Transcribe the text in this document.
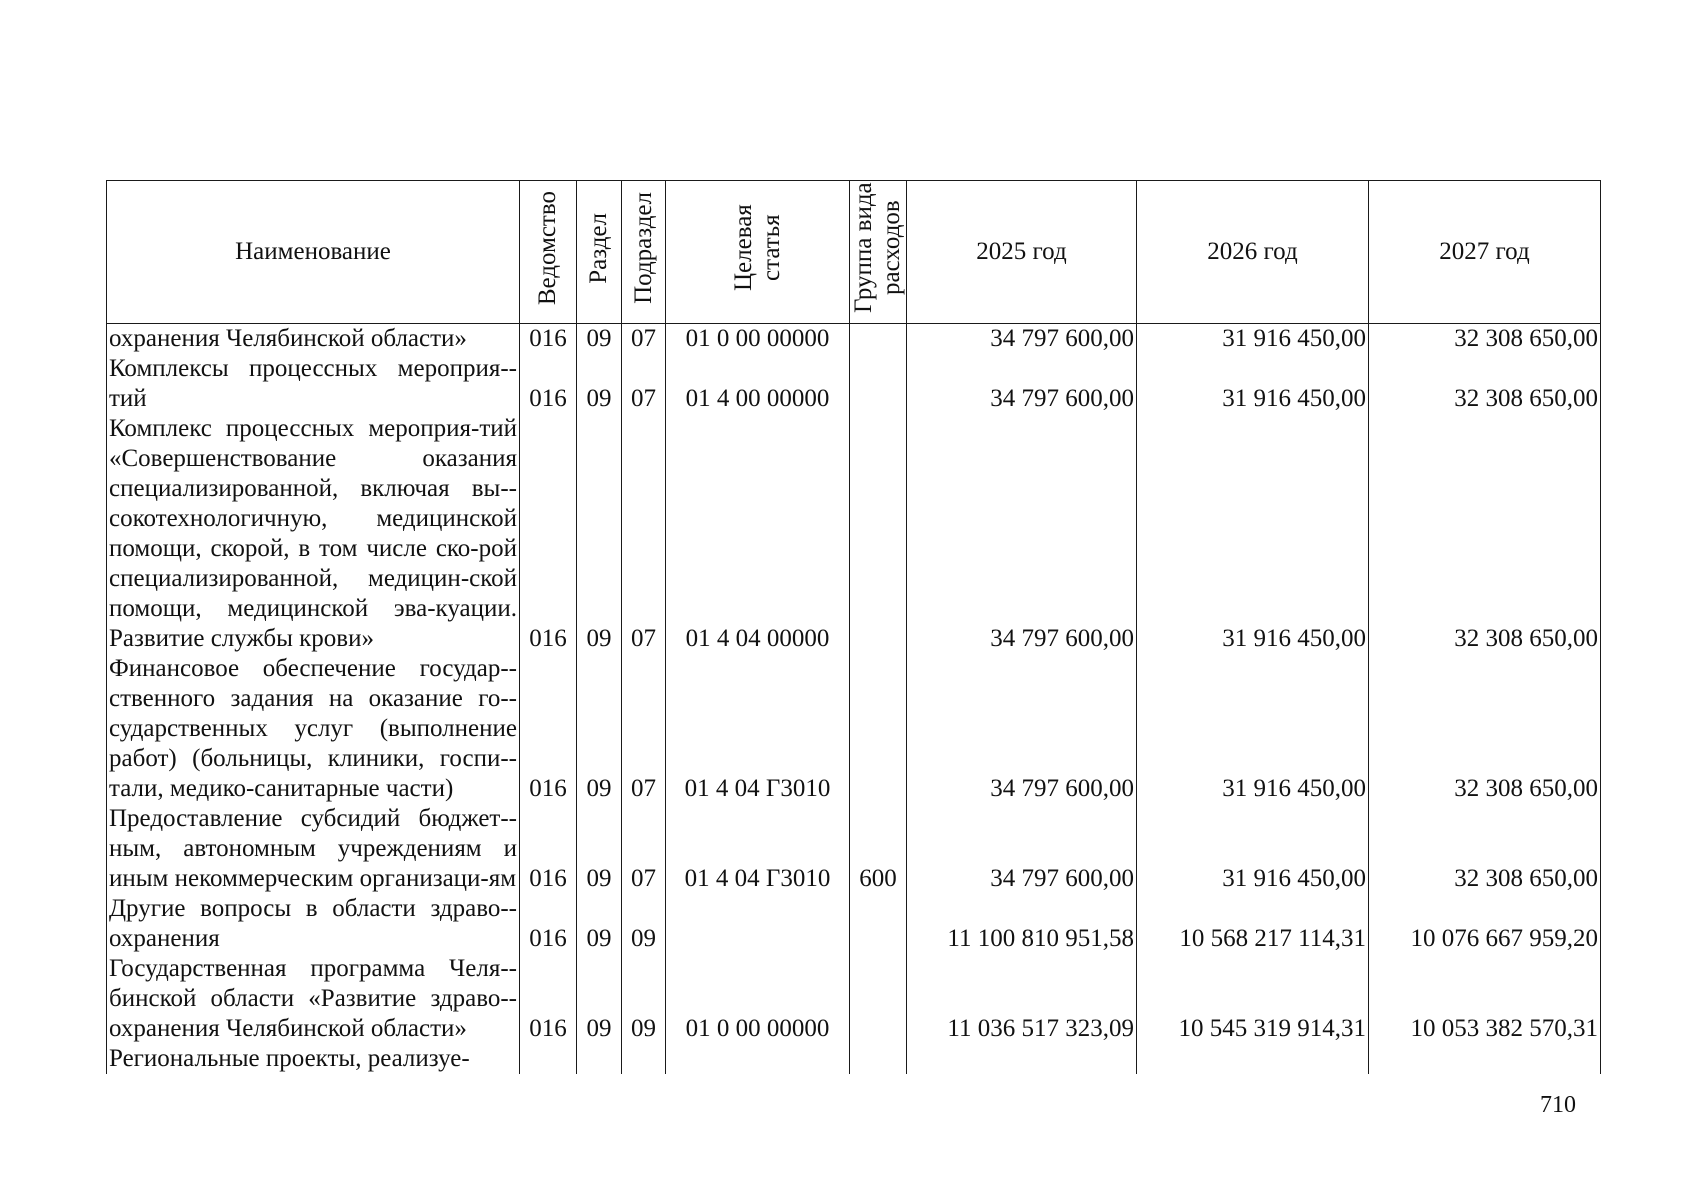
Наименование	Ведомство	Раздел	Подраздел	Целевая статья	Группа вида расходов	2025 год	2026 год	2027 год
охранения Челябинской области»	016	09	07	01 0 00 00000		34 797 600,00	31 916 450,00	32 308 650,00
Комплексы процессных мероприя-тий	016	09	07	01 4 00 00000		34 797 600,00	31 916 450,00	32 308 650,00
Комплекс процессных мероприя-тий «Совершенствование оказания специализированной, включая вы-сокотехнологичную, медицинской помощи, скорой, в том числе ско-рой специализированной, медицин-ской помощи, медицинской эва-куации. Развитие службы крови»	016	09	07	01 4 04 00000		34 797 600,00	31 916 450,00	32 308 650,00
Финансовое обеспечение государ-ственного задания на оказание го-сударственных услуг (выполнение работ) (больницы, клиники, госпи-тали, медико-санитарные части)	016	09	07	01 4 04 Г3010		34 797 600,00	31 916 450,00	32 308 650,00
Предоставление субсидий бюджет-ным, автономным учреждениям и иным некоммерческим организаци-ям	016	09	07	01 4 04 Г3010	600	34 797 600,00	31 916 450,00	32 308 650,00
Другие вопросы в области здраво-охранения	016	09	09			11 100 810 951,58	10 568 217 114,31	10 076 667 959,20
Государственная программа Челя-бинской области «Развитие здраво-охранения Челябинской области»	016	09	09	01 0 00 00000		11 036 517 323,09	10 545 319 914,31	10 053 382 570,31
Региональные проекты, реализуе-								
710
